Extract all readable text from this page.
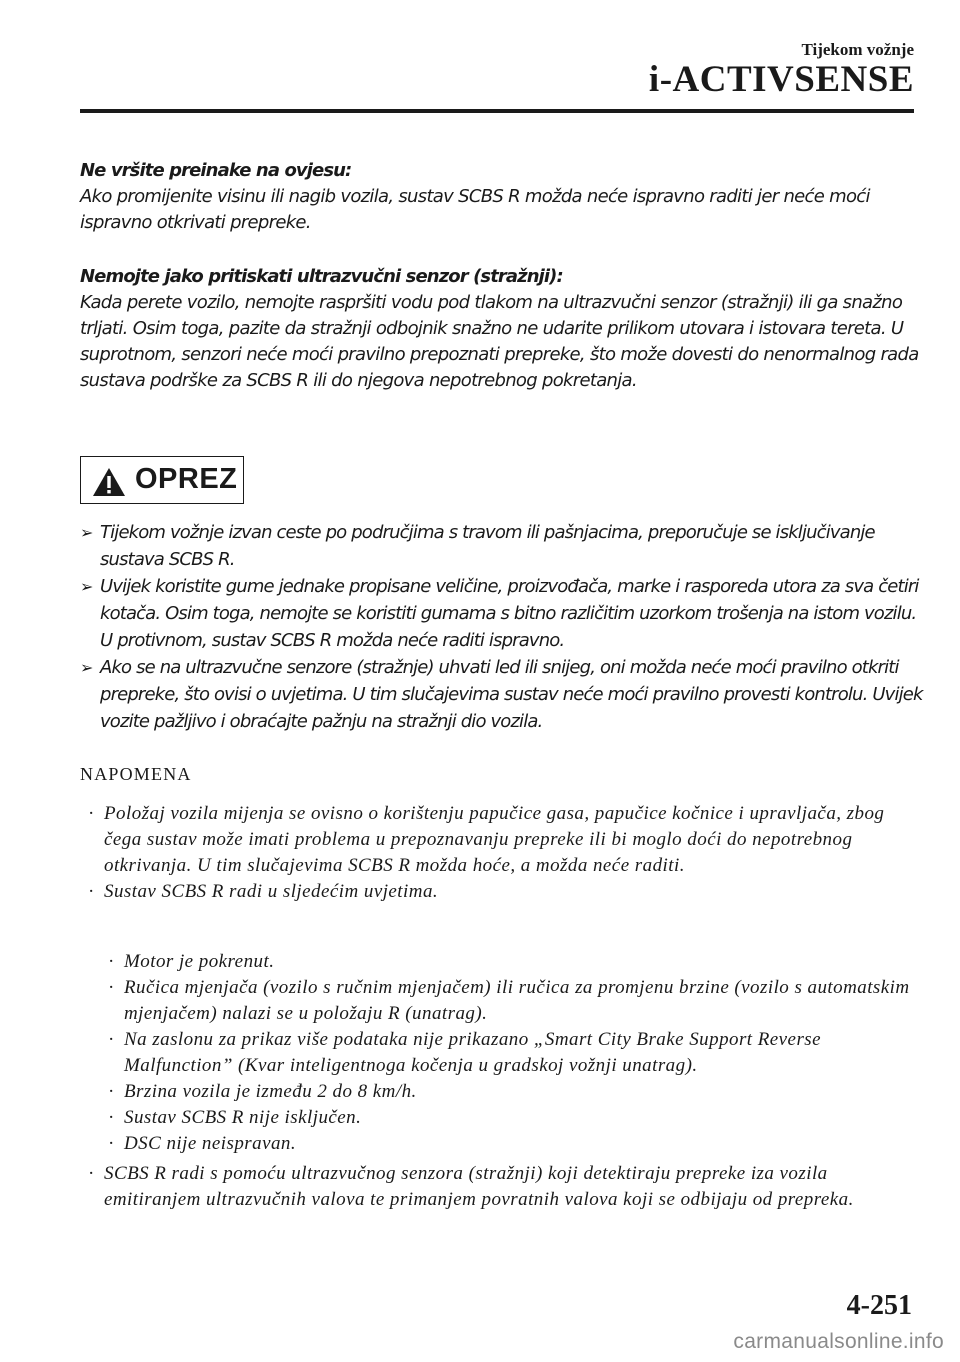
Tijekom vožnje
i-ACTIVSENSE

Ne vršite preinake na ovjesu:

Ako promijenite visinu ili nagib vozila, sustav SCBS R možda neće ispravno raditi jer neće moći ispravno otkrivati prepreke.

Nemojte jako pritiskati ultrazvučni senzor (stražnji):

Kada perete vozilo, nemojte raspršiti vodu pod tlakom na ultrazvučni senzor (stražnji) ili ga snažno trljati. Osim toga, pazite da stražnji odbojnik snažno ne udarite prilikom utovara i istovara tereta. U suprotnom, senzori neće moći pravilno prepoznati prepreke, što može dovesti do nenormalnog rada sustava podrške za SCBS R ili do njegova nepotrebnog pokretanja.

OPREZ
➢ Tijekom vožnje izvan ceste po područjima s travom ili pašnjacima, preporučuje se isključivanje sustava SCBS R.
➢ Uvijek koristite gume jednake propisane veličine, proizvođača, marke i rasporeda utora za sva četiri kotača. Osim toga, nemojte se koristiti gumama s bitno različitim uzorkom trošenja na istom vozilu. U protivnom, sustav SCBS R možda neće raditi ispravno.
➢ Ako se na ultrazvučne senzore (stražnje) uhvati led ili snijeg, oni možda neće moći pravilno otkriti prepreke, što ovisi o uvjetima. U tim slučajevima sustav neće moći pravilno provesti kontrolu. Uvijek vozite pažljivo i obraćajte pažnju na stražnji dio vozila.
NAPOMENA
· Položaj vozila mijenja se ovisno o korištenju papučice gasa, papučice kočnice i upravljača, zbog čega sustav može imati problema u prepoznavanju prepreke ili bi moglo doći do nepotrebnog otkrivanja. U tim slučajevima SCBS R možda hoće, a možda neće raditi.
· Sustav SCBS R radi u sljedećim uvjetima.
· Motor je pokrenut.
· Ručica mjenjača (vozilo s ručnim mjenjačem) ili ručica za promjenu brzine (vozilo s automatskim mjenjačem) nalazi se u položaju R (unatrag).
· Na zaslonu za prikaz više podataka nije prikazano „Smart City Brake Support Reverse Malfunction” (Kvar inteligentnoga kočenja u gradskoj vožnji unatrag).
· Brzina vozila je između 2 do 8 km/h.
· Sustav SCBS R nije isključen.
· DSC nije neispravan.
· SCBS R radi s pomoću ultrazvučnog senzora (stražnji) koji detektiraju prepreke iza vozila emitiranjem ultrazvučnih valova te primanjem povratnih valova koji se odbijaju od prepreka.
4-251
carmanualsonline.info
